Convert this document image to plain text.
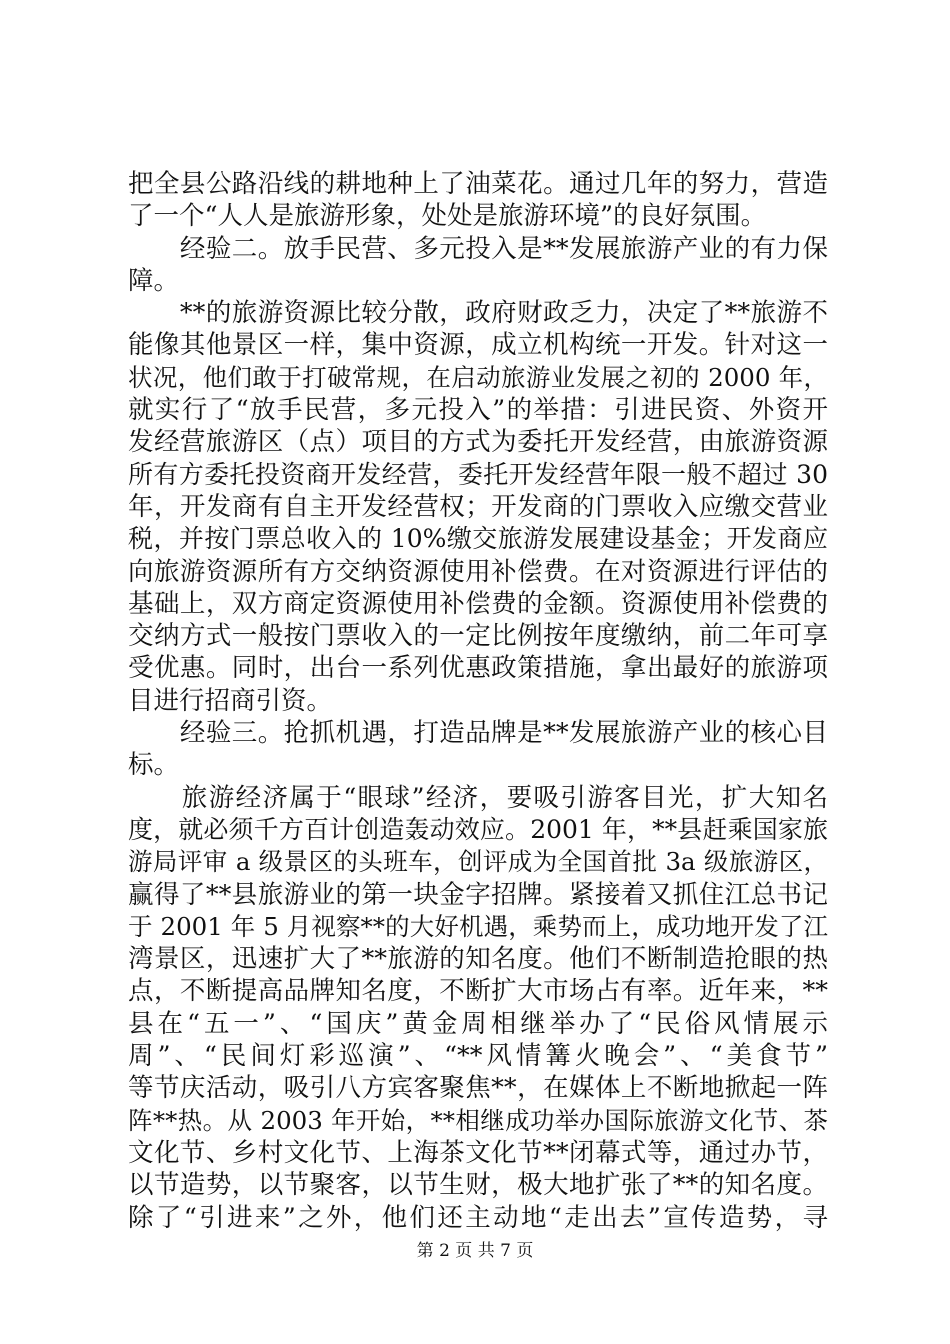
把全县公路沿线的耕地种上了油菜花。通过几年的努力，营造
了一个“人人是旅游形象，处处是旅游环境”的良好氛围。
　　经验二。放手民营、多元投入是**发展旅游产业的有力保
障。
　　**的旅游资源比较分散，政府财政乏力，决定了**旅游不
能像其他景区一样，集中资源，成立机构统一开发。针对这一
状况，他们敢于打破常规，在启动旅游业发展之初的 2000 年，
就实行了“放手民营，多元投入”的举措：引进民资、外资开
发经营旅游区（点）项目的方式为委托开发经营，由旅游资源
所有方委托投资商开发经营，委托开发经营年限一般不超过 30
年，开发商有自主开发经营权；开发商的门票收入应缴交营业
税，并按门票总收入的 10%缴交旅游发展建设基金；开发商应
向旅游资源所有方交纳资源使用补偿费。在对资源进行评估的
基础上，双方商定资源使用补偿费的金额。资源使用补偿费的
交纳方式一般按门票收入的一定比例按年度缴纳，前二年可享
受优惠。同时，出台一系列优惠政策措施，拿出最好的旅游项
目进行招商引资。
　　经验三。抢抓机遇，打造品牌是**发展旅游产业的核心目
标。
　　旅游经济属于“眼球”经济，要吸引游客目光，扩大知名
度，就必须千方百计创造轰动效应。2001 年，**县赶乘国家旅
游局评审 a 级景区的头班车，创评成为全国首批 3a 级旅游区，
赢得了**县旅游业的第一块金字招牌。紧接着又抓住江总书记
于 2001 年 5 月视察**的大好机遇，乘势而上，成功地开发了江
湾景区，迅速扩大了**旅游的知名度。他们不断制造抢眼的热
点，不断提高品牌知名度，不断扩大市场占有率。近年来，**
县在“五一”、“国庆”黄金周相继举办了“民俗风情展示
周”、“民间灯彩巡演”、“**风情篝火晚会”、“美食节”
等节庆活动，吸引八方宾客聚焦**，在媒体上不断地掀起一阵
阵**热。从 2003 年开始，**相继成功举办国际旅游文化节、茶
文化节、乡村文化节、上海茶文化节**闭幕式等，通过办节，
以节造势，以节聚客，以节生财，极大地扩张了**的知名度。
除了“引进来”之外，他们还主动地“走出去”宣传造势，寻
第 2 页 共 7 页
